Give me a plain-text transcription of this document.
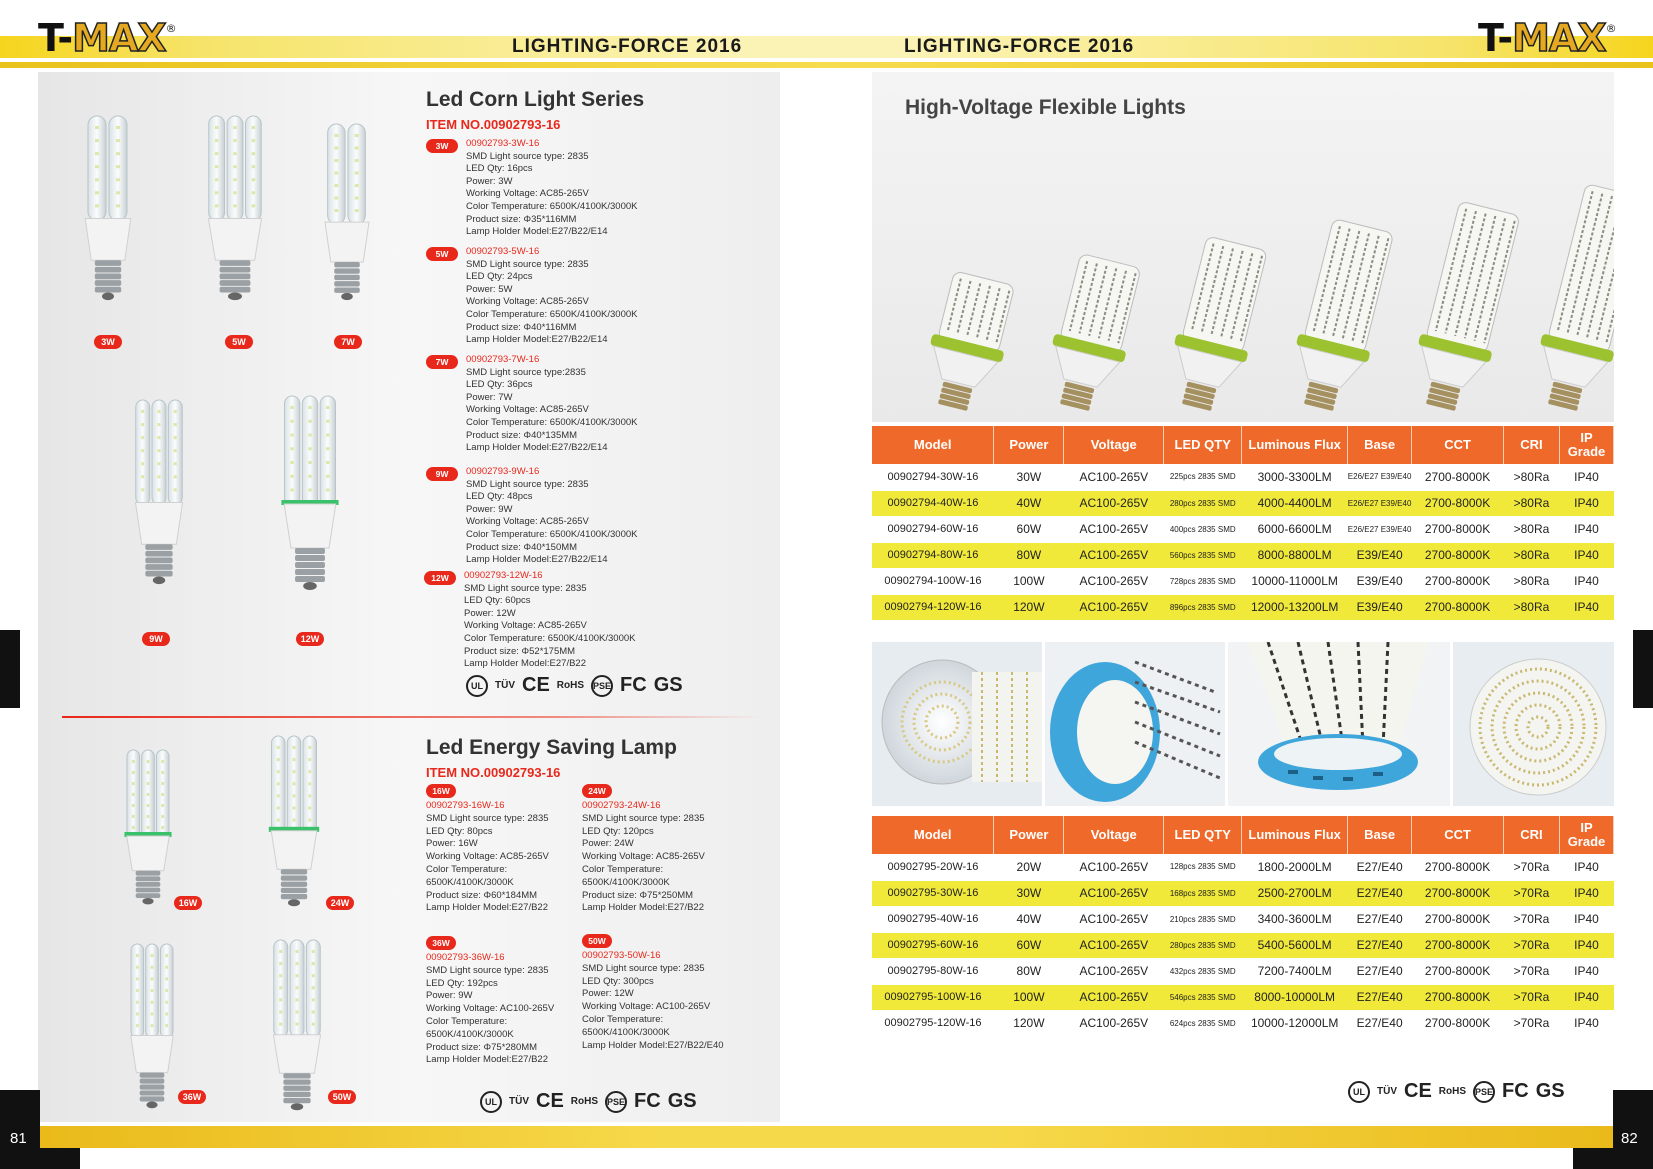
T-MAX®	T-MAX®
LIGHTING-FORCE 2016	LIGHTING-FORCE 2016
3W	5W	7W
9W	12W
Led Corn Light Series
ITEM NO.00902793-16
3W	00902793-3W-16
SMD Light source type: 2835
LED Qty: 16pcs
Power: 3W
Working Voltage: AC85-265V
Color Temperature: 6500K/4100K/3000K
Product size: Φ35*116MM
Lamp Holder Model:E27/B22/E14
5W	00902793-5W-16
SMD Light source type: 2835
LED Qty: 24pcs
Power: 5W
Working Voltage: AC85-265V
Color Temperature: 6500K/4100K/3000K
Product size: Φ40*116MM
Lamp Holder Model:E27/B22/E14
7W	00902793-7W-16
SMD Light source type:2835
LED Qty: 36pcs
Power: 7W
Working Voltage: AC85-265V
Color Temperature: 6500K/4100K/3000K
Product size: Φ40*135MM
Lamp Holder Model:E27/B22/E14
9W	00902793-9W-16
SMD Light source type: 2835
LED Qty: 48pcs
Power: 9W
Working Voltage: AC85-265V
Color Temperature: 6500K/4100K/3000K
Product size: Φ40*150MM
Lamp Holder Model:E27/B22/E14
12W	00902793-12W-16
SMD Light source type: 2835
LED Qty: 60pcs
Power: 12W
Working Voltage: AC85-265V
Color Temperature: 6500K/4100K/3000K
Product size: Φ52*175MM
Lamp Holder Model:E27/B22
UL	TÜV CE RoHS PSE FC GS
16W	24W
36W	50W
Led Energy Saving Lamp
ITEM NO.00902793-16
16W
00902793-16W-16
SMD Light source type: 2835
LED Qty: 80pcs
Power: 16W
Working Voltage: AC85-265V
Color Temperature:
6500K/4100K/3000K
Product size: Φ60*184MM
Lamp Holder Model:E27/B22
24W
00902793-24W-16
SMD Light source type: 2835
LED Qty: 120pcs
Power: 24W
Working Voltage: AC85-265V
Color Temperature:
6500K/4100K/3000K
Product size: Φ75*250MM
Lamp Holder Model:E27/B22
36W
00902793-36W-16
SMD Light source type: 2835
LED Qty: 192pcs
Power: 9W
Working Voltage: AC100-265V
Color Temperature:
6500K/4100K/3000K
Product size: Φ75*280MM
Lamp Holder Model:E27/B22
50W
00902793-50W-16
SMD Light source type: 2835
LED Qty: 300pcs
Power: 12W
Working Voltage: AC100-265V
Color Temperature:
6500K/4100K/3000K
Lamp Holder Model:E27/B22/E40
UL	TÜV CE RoHS PSE FC GS
High-Voltage Flexible Lights
Model	Power	Voltage	LED QTY	Luminous Flux	Base	CCT	CRI	IP Grade
00902794-30W-16	30W	AC100-265V	225pcs 2835 SMD	3000-3300LM	E26/E27 E39/E40	2700-8000K	>80Ra	IP40
00902794-40W-16	40W	AC100-265V	280pcs 2835 SMD	4000-4400LM	E26/E27 E39/E40	2700-8000K	>80Ra	IP40
00902794-60W-16	60W	AC100-265V	400pcs 2835 SMD	6000-6600LM	E26/E27 E39/E40	2700-8000K	>80Ra	IP40
00902794-80W-16	80W	AC100-265V	560pcs 2835 SMD	8000-8800LM	E39/E40	2700-8000K	>80Ra	IP40
00902794-100W-16	100W	AC100-265V	728pcs 2835 SMD	10000-11000LM	E39/E40	2700-8000K	>80Ra	IP40
00902794-120W-16	120W	AC100-265V	896pcs 2835 SMD	12000-13200LM	E39/E40	2700-8000K	>80Ra	IP40
Model	Power	Voltage	LED QTY	Luminous Flux	Base	CCT	CRI	IP Grade
00902795-20W-16	20W	AC100-265V	128pcs 2835 SMD	1800-2000LM	E27/E40	2700-8000K	>70Ra	IP40
00902795-30W-16	30W	AC100-265V	168pcs 2835 SMD	2500-2700LM	E27/E40	2700-8000K	>70Ra	IP40
00902795-40W-16	40W	AC100-265V	210pcs 2835 SMD	3400-3600LM	E27/E40	2700-8000K	>70Ra	IP40
00902795-60W-16	60W	AC100-265V	280pcs 2835 SMD	5400-5600LM	E27/E40	2700-8000K	>70Ra	IP40
00902795-80W-16	80W	AC100-265V	432pcs 2835 SMD	7200-7400LM	E27/E40	2700-8000K	>70Ra	IP40
00902795-100W-16	100W	AC100-265V	546pcs 2835 SMD	8000-10000LM	E27/E40	2700-8000K	>70Ra	IP40
00902795-120W-16	120W	AC100-265V	624pcs 2835 SMD	10000-12000LM	E27/E40	2700-8000K	>70Ra	IP40
UL	TÜV CE RoHS PSE FC GS
81	82
